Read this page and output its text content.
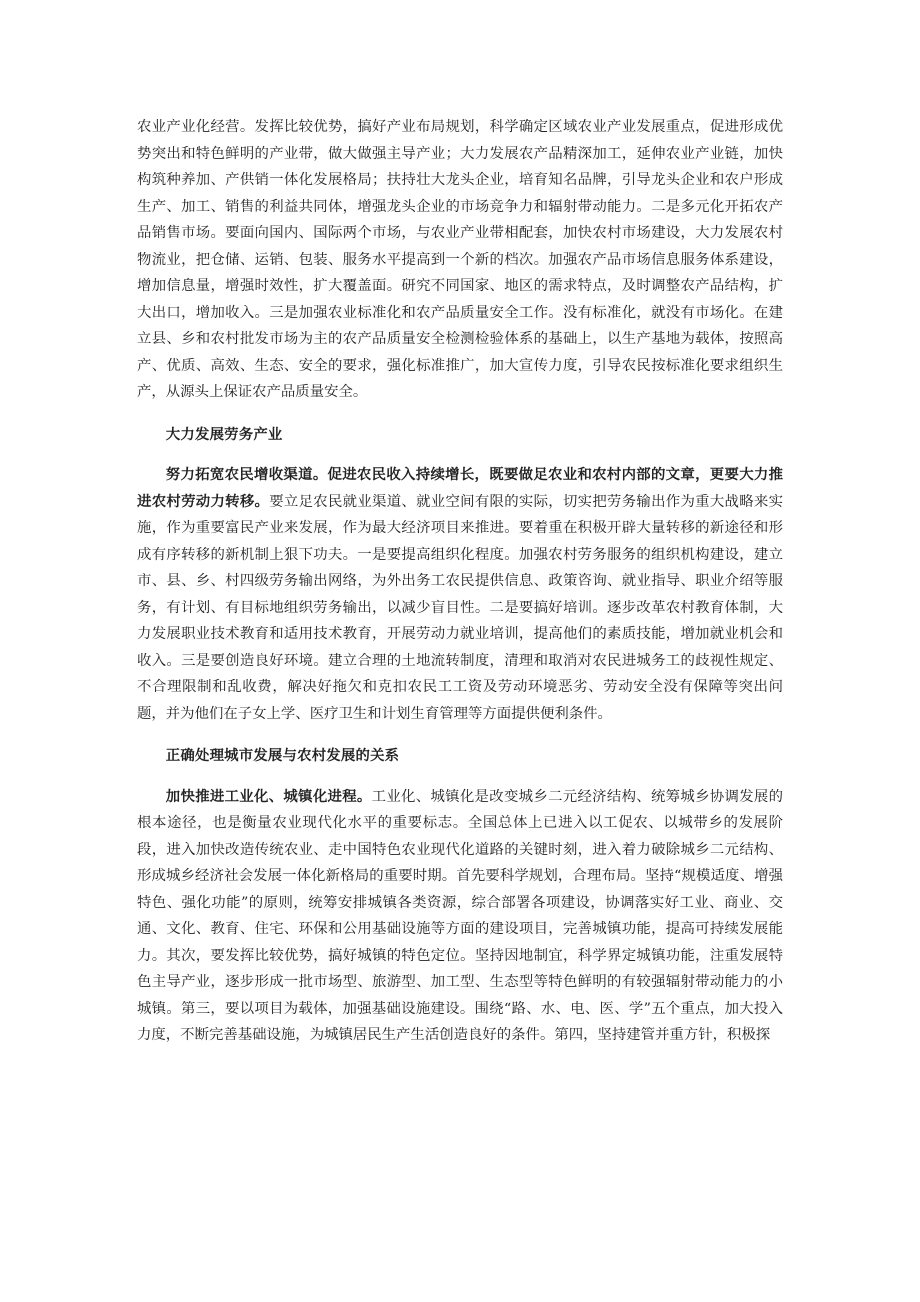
农业产业化经营。发挥比较优势，搞好产业布局规划，科学确定区域农业产业发展重点，促进形成优势突出和特色鲜明的产业带，做大做强主导产业；大力发展农产品精深加工，延伸农业产业链，加快构筑种养加、产供销一体化发展格局；扶持壮大龙头企业，培育知名品牌，引导龙头企业和农户形成生产、加工、销售的利益共同体，增强龙头企业的市场竞争力和辐射带动能力。二是多元化开拓农产品销售市场。要面向国内、国际两个市场，与农业产业带相配套，加快农村市场建设，大力发展农村物流业，把仓储、运销、包装、服务水平提高到一个新的档次。加强农产品市场信息服务体系建设，增加信息量，增强时效性，扩大覆盖面。研究不同国家、地区的需求特点，及时调整农产品结构，扩大出口，增加收入。三是加强农业标准化和农产品质量安全工作。没有标准化，就没有市场化。在建立县、乡和农村批发市场为主的农产品质量安全检测检验体系的基础上，以生产基地为载体，按照高产、优质、高效、生态、安全的要求，强化标准推广，加大宣传力度，引导农民按标准化要求组织生产，从源头上保证农产品质量安全。

大力发展劳务产业

努力拓宽农民增收渠道。促进农民收入持续增长，既要做足农业和农村内部的文章，更要大力推进农村劳动力转移。要立足农民就业渠道、就业空间有限的实际，切实把劳务输出作为重大战略来实施，作为重要富民产业来发展，作为最大经济项目来推进。要着重在积极开辟大量转移的新途径和形成有序转移的新机制上狠下功夫。一是要提高组织化程度。加强农村劳务服务的组织机构建设，建立市、县、乡、村四级劳务输出网络，为外出务工农民提供信息、政策咨询、就业指导、职业介绍等服务，有计划、有目标地组织劳务输出，以减少盲目性。二是要搞好培训。逐步改革农村教育体制，大力发展职业技术教育和适用技术教育，开展劳动力就业培训，提高他们的素质技能，增加就业机会和收入。三是要创造良好环境。建立合理的土地流转制度，清理和取消对农民进城务工的歧视性规定、不合理限制和乱收费，解决好拖欠和克扣农民工工资及劳动环境恶劣、劳动安全没有保障等突出问题，并为他们在子女上学、医疗卫生和计划生育管理等方面提供便利条件。

正确处理城市发展与农村发展的关系

加快推进工业化、城镇化进程。工业化、城镇化是改变城乡二元经济结构、统筹城乡协调发展的根本途径，也是衡量农业现代化水平的重要标志。全国总体上已进入以工促农、以城带乡的发展阶段，进入加快改造传统农业、走中国特色农业现代化道路的关键时刻，进入着力破除城乡二元结构、形成城乡经济社会发展一体化新格局的重要时期。首先要科学规划，合理布局。坚持“规模适度、增强特色、强化功能”的原则，统筹安排城镇各类资源，综合部署各项建设，协调落实好工业、商业、交通、文化、教育、住宅、环保和公用基础设施等方面的建设项目，完善城镇功能，提高可持续发展能力。其次，要发挥比较优势，搞好城镇的特色定位。坚持因地制宜，科学界定城镇功能，注重发展特色主导产业，逐步形成一批市场型、旅游型、加工型、生态型等特色鲜明的有较强辐射带动能力的小城镇。第三，要以项目为载体，加强基础设施建设。围绕“路、水、电、医、学”五个重点，加大投入力度，不断完善基础设施，为城镇居民生产生活创造良好的条件。第四，坚持建管并重方针，积极探
